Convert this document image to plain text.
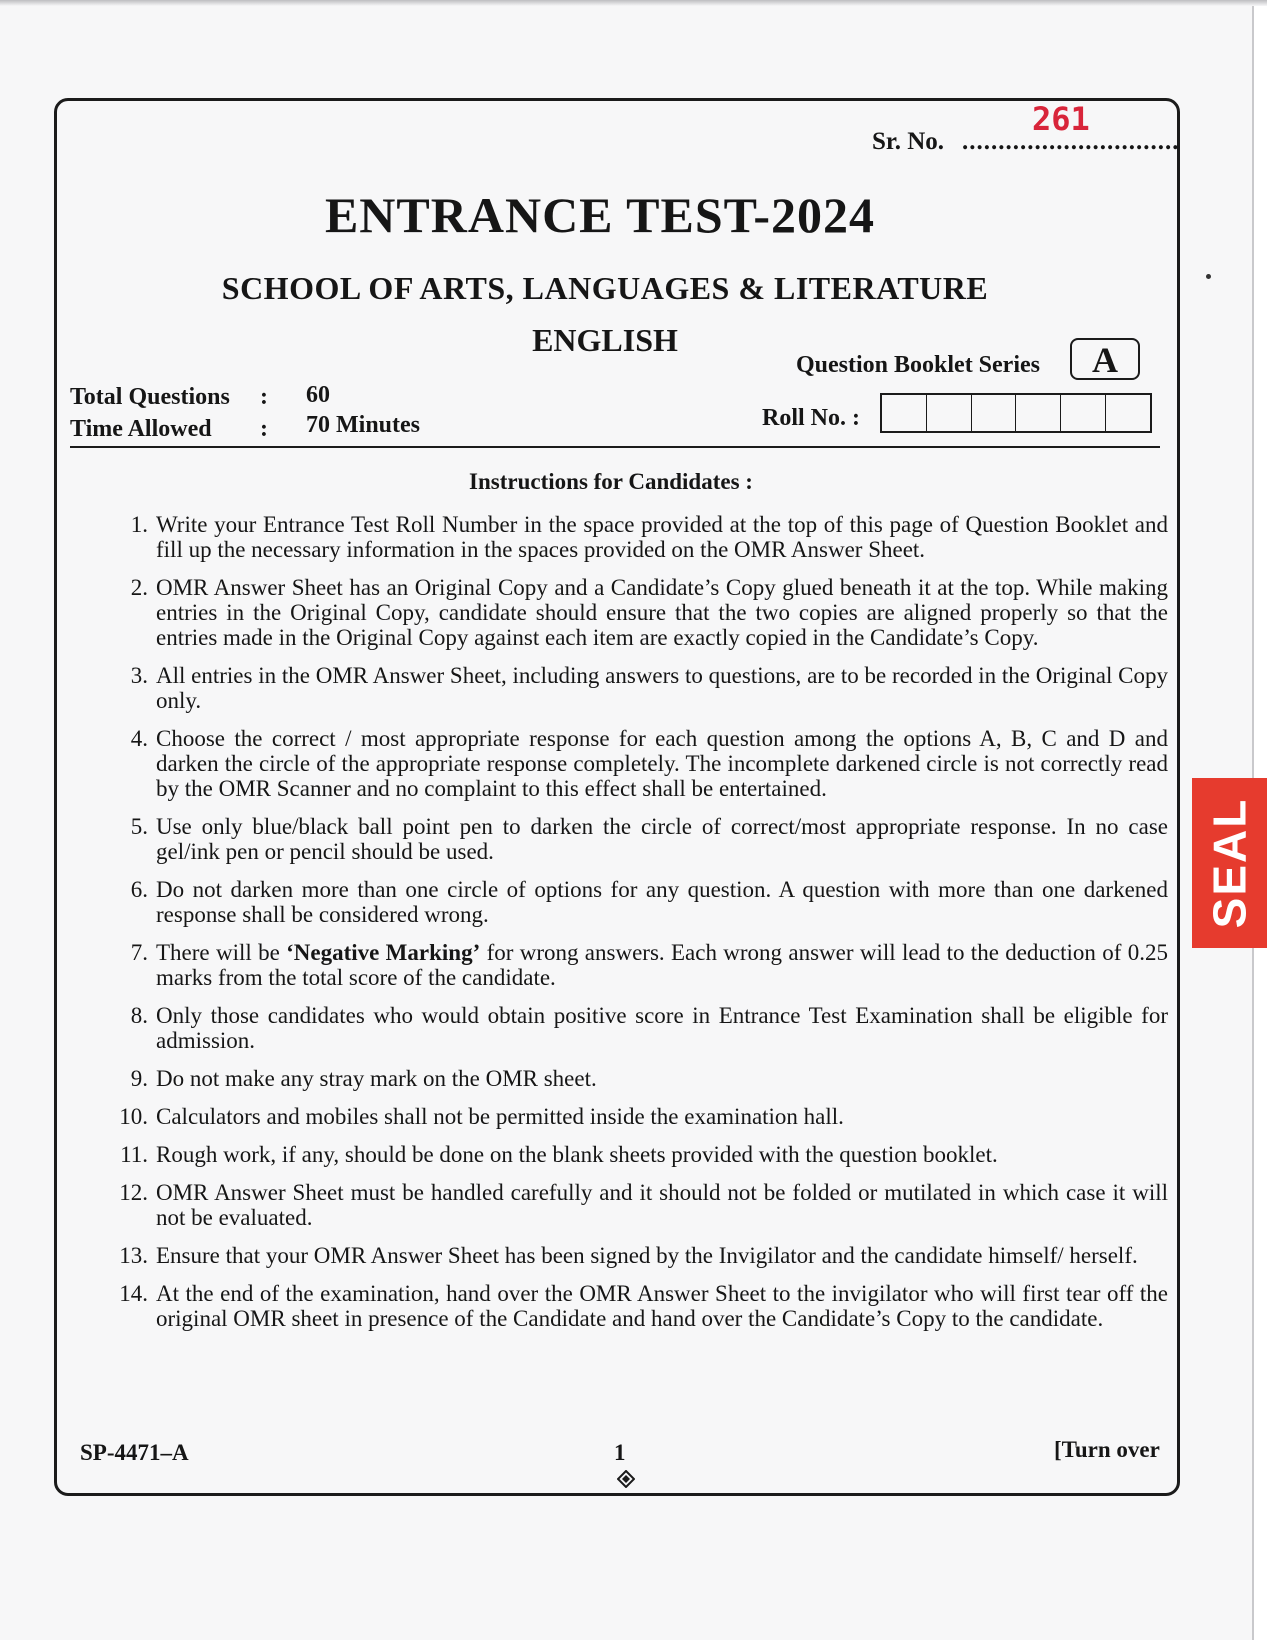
Sr. No. ..............................
261
ENTRANCE TEST-2024
SCHOOL OF ARTS, LANGUAGES & LITERATURE
ENGLISH
Question Booklet Series	A
Total Questions : 60
Time Allowed : 70 Minutes	Roll No. :
Instructions for Candidates :
1. Write your Entrance Test Roll Number in the space provided at the top of this page of Question Booklet and fill up the necessary information in the spaces provided on the OMR Answer Sheet.
2. OMR Answer Sheet has an Original Copy and a Candidate’s Copy glued beneath it at the top. While making entries in the Original Copy, candidate should ensure that the two copies are aligned properly so that the entries made in the Original Copy against each item are exactly copied in the Candidate’s Copy.
3. All entries in the OMR Answer Sheet, including answers to questions, are to be recorded in the Original Copy only.
4. Choose the correct / most appropriate response for each question among the options A, B, C and D and darken the circle of the appropriate response completely. The incomplete darkened circle is not correctly read by the OMR Scanner and no complaint to this effect shall be entertained.
5. Use only blue/black ball point pen to darken the circle of correct/most appropriate response. In no case gel/ink pen or pencil should be used.
6. Do not darken more than one circle of options for any question. A question with more than one darkened response shall be considered wrong.
7. There will be ‘Negative Marking’ for wrong answers. Each wrong answer will lead to the deduction of 0.25 marks from the total score of the candidate.
8. Only those candidates who would obtain positive score in Entrance Test Examination shall be eligible for admission.
9. Do not make any stray mark on the OMR sheet.
10. Calculators and mobiles shall not be permitted inside the examination hall.
11. Rough work, if any, should be done on the blank sheets provided with the question booklet.
12. OMR Answer Sheet must be handled carefully and it should not be folded or mutilated in which case it will not be evaluated.
13. Ensure that your OMR Answer Sheet has been signed by the Invigilator and the candidate himself/ herself.
14. At the end of the examination, hand over the OMR Answer Sheet to the invigilator who will first tear off the original OMR sheet in presence of the Candidate and hand over the Candidate’s Copy to the candidate.
SP-4471–A	1	[Turn over
SEAL
